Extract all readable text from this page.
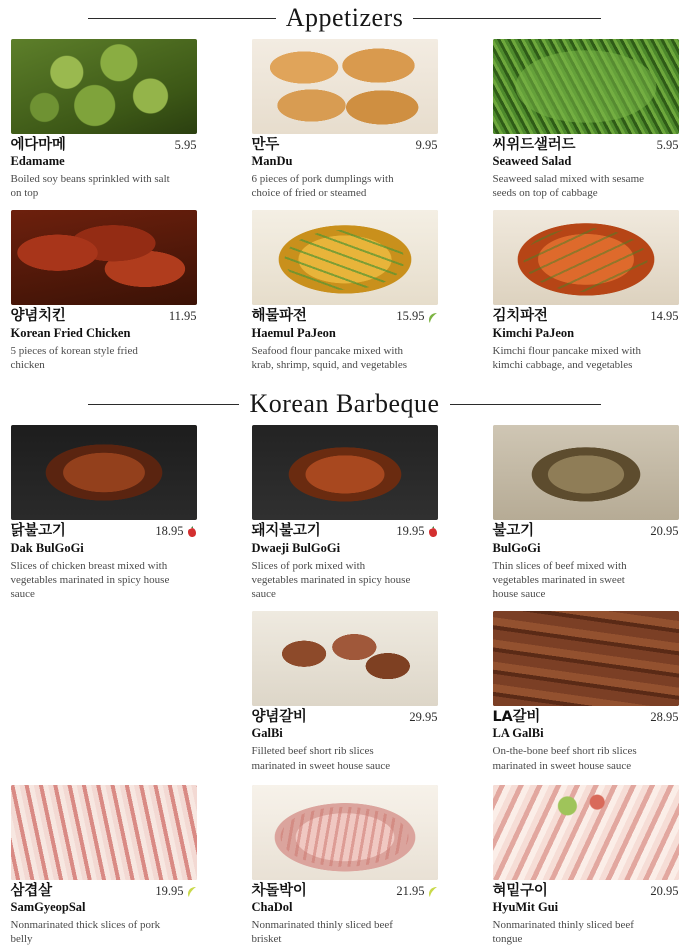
Appetizers
에다마메	5.95
Edamame
Boiled soy beans sprinkled with salt on top
만두	9.95
ManDu
6 pieces of pork dumplings with choice of fried or steamed
씨위드샐러드	5.95
Seaweed Salad
Seaweed salad mixed with sesame seeds on top of cabbage
양념치킨	11.95
Korean Fried Chicken
5 pieces of korean style fried chicken
해물파전	15.95
Haemul PaJeon
Seafood flour pancake mixed with krab, shrimp, squid, and vegetables
김치파전	14.95
Kimchi PaJeon
Kimchi flour pancake mixed with kimchi cabbage, and vegetables
Korean Barbeque
닭불고기	18.95
Dak BulGoGi
Slices of chicken breast mixed with vegetables marinated in spicy house sauce
돼지불고기	19.95
Dwaeji BulGoGi
Slices of pork mixed with vegetables marinated in spicy house sauce
불고기	20.95
BulGoGi
Thin slices of beef mixed with vegetables marinated in sweet house sauce
양념갈비	29.95
GalBi
Filleted beef short rib slices marinated in sweet house sauce
LA갈비	28.95
LA GalBi
On-the-bone beef short rib slices marinated in sweet house sauce
삼겹살	19.95
SamGyeopSal
Nonmarinated thick slices of pork belly
차돌박이	21.95
ChaDol
Nonmarinated thinly sliced beef brisket
혀밑구이	20.95
HyuMit Gui
Nonmarinated thinly sliced beef tongue
